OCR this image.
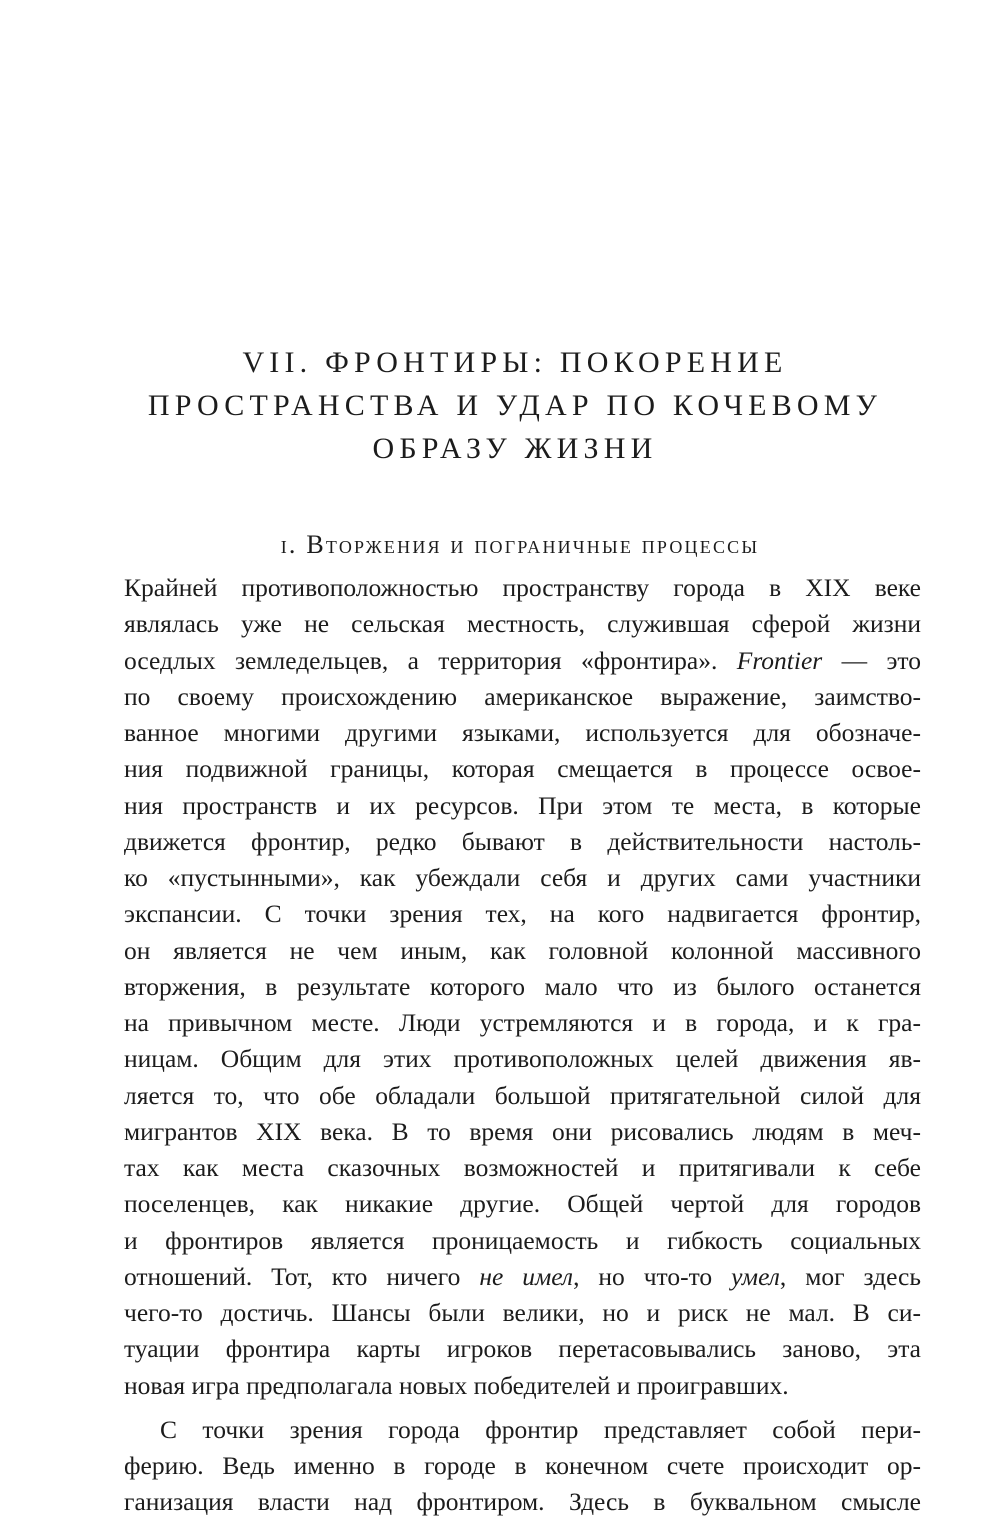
VII. ФРОНТИРЫ: ПОКОРЕНИЕ
ПРОСТРАНСТВА И УДАР ПО КОЧЕВОМУ
ОБРАЗУ ЖИЗНИ
i. Вторжения и пограничные процессы
Крайней противоположностью пространству города в XIX веке
являлась уже не сельская местность, служившая сферой жизни
оседлых земледельцев, а территория «фронтира». Frontier — это
по своему происхождению американское выражение, заимство-
ванное многими другими языками, используется для обозначе-
ния подвижной границы, которая смещается в процессе освое-
ния пространств и их ресурсов. При этом те места, в которые
движется фронтир, редко бывают в действительности настоль-
ко «пустынными», как убеждали себя и других сами участники
экспансии. С точки зрения тех, на кого надвигается фронтир,
он является не чем иным, как головной колонной массивного
вторжения, в результате которого мало что из былого останется
на привычном месте. Люди устремляются и в города, и к гра-
ницам. Общим для этих противоположных целей движения яв-
ляется то, что обе обладали большой притягательной силой для
мигрантов XIX века. В то время они рисовались людям в меч-
тах как места сказочных возможностей и притягивали к себе
поселенцев, как никакие другие. Общей чертой для городов
и фронтиров является проницаемость и гибкость социальных
отношений. Тот, кто ничего не имел, но что-то умел, мог здесь
чего-то достичь. Шансы были велики, но и риск не мал. В си-
туации фронтира карты игроков перетасовывались заново, эта
новая игра предполагала новых победителей и проигравших.
С точки зрения города фронтир представляет собой пери-
ферию. Ведь именно в городе в конечном счете происходит ор-
ганизация власти над фронтиром. Здесь в буквальном смысле
